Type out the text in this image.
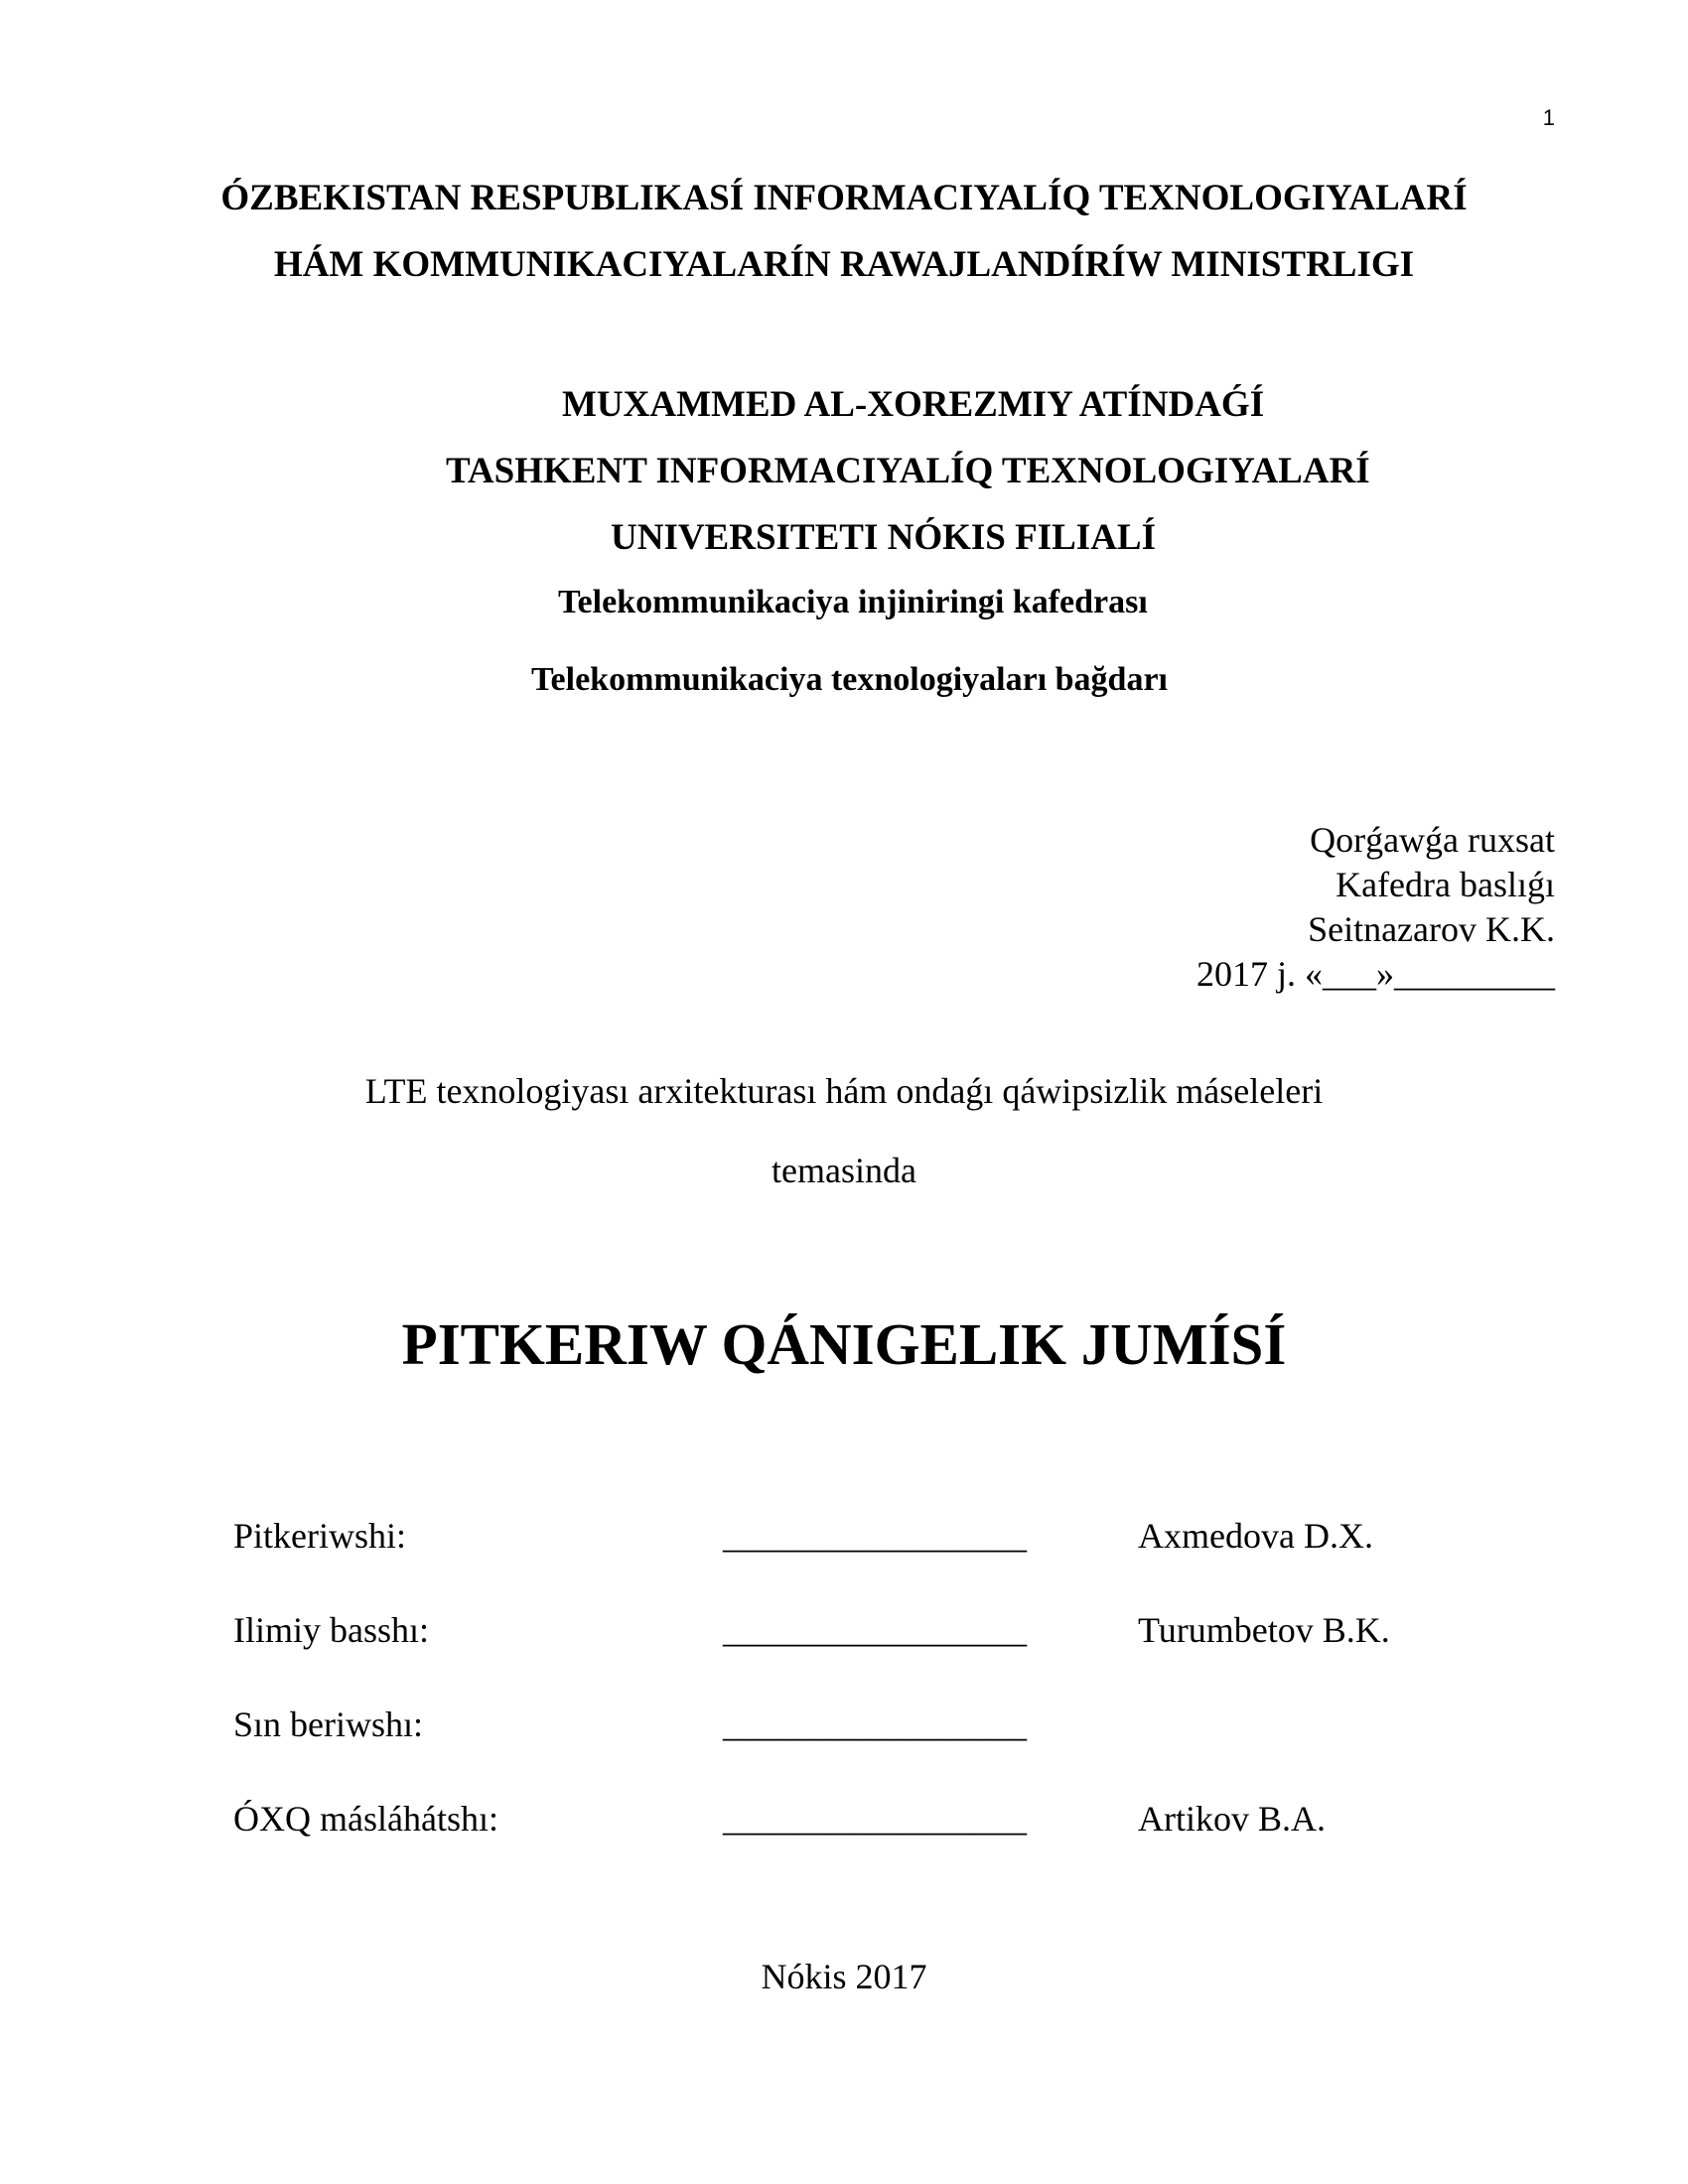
1
ÓZBEKISTAN RESPUBLIKASÍ INFORMACIYALÍQ TEXNOLOGIYALARÍ
HÁM KOMMUNIKACIYALARÍN RAWAJLANDÍRÍW MINISTRLIGI
MUXAMMED AL-XOREZMIY ATÍNDAǴÍ
TASHKENT INFORMACIYALÍQ TEXNOLOGIYALARÍ
UNIVERSITETI NÓKIS FILIALÍ
Telekommunikaciya injiniringi kafedrası
Telekommunikaciya texnologiyaları bağdarı
Qorǵawǵa ruxsat
Kafedra baslıǵı
Seitnazarov K.K.
2017 j. «___»_________
LTE texnologiyası arxitekturası hám ondaǵı qáwipsizlik máseleleri
temasinda
PITKERIW QÁNIGELIK JUMÍSÍ
Pitkeriwshi:	_________________	Axmedova D.X.
Ilimiy basshı:	_________________	Turumbetov B.K.
Sın beriwshı:	_________________
ÓXQ másláhátshı:	_________________	Artikov B.A.
Nókis 2017
